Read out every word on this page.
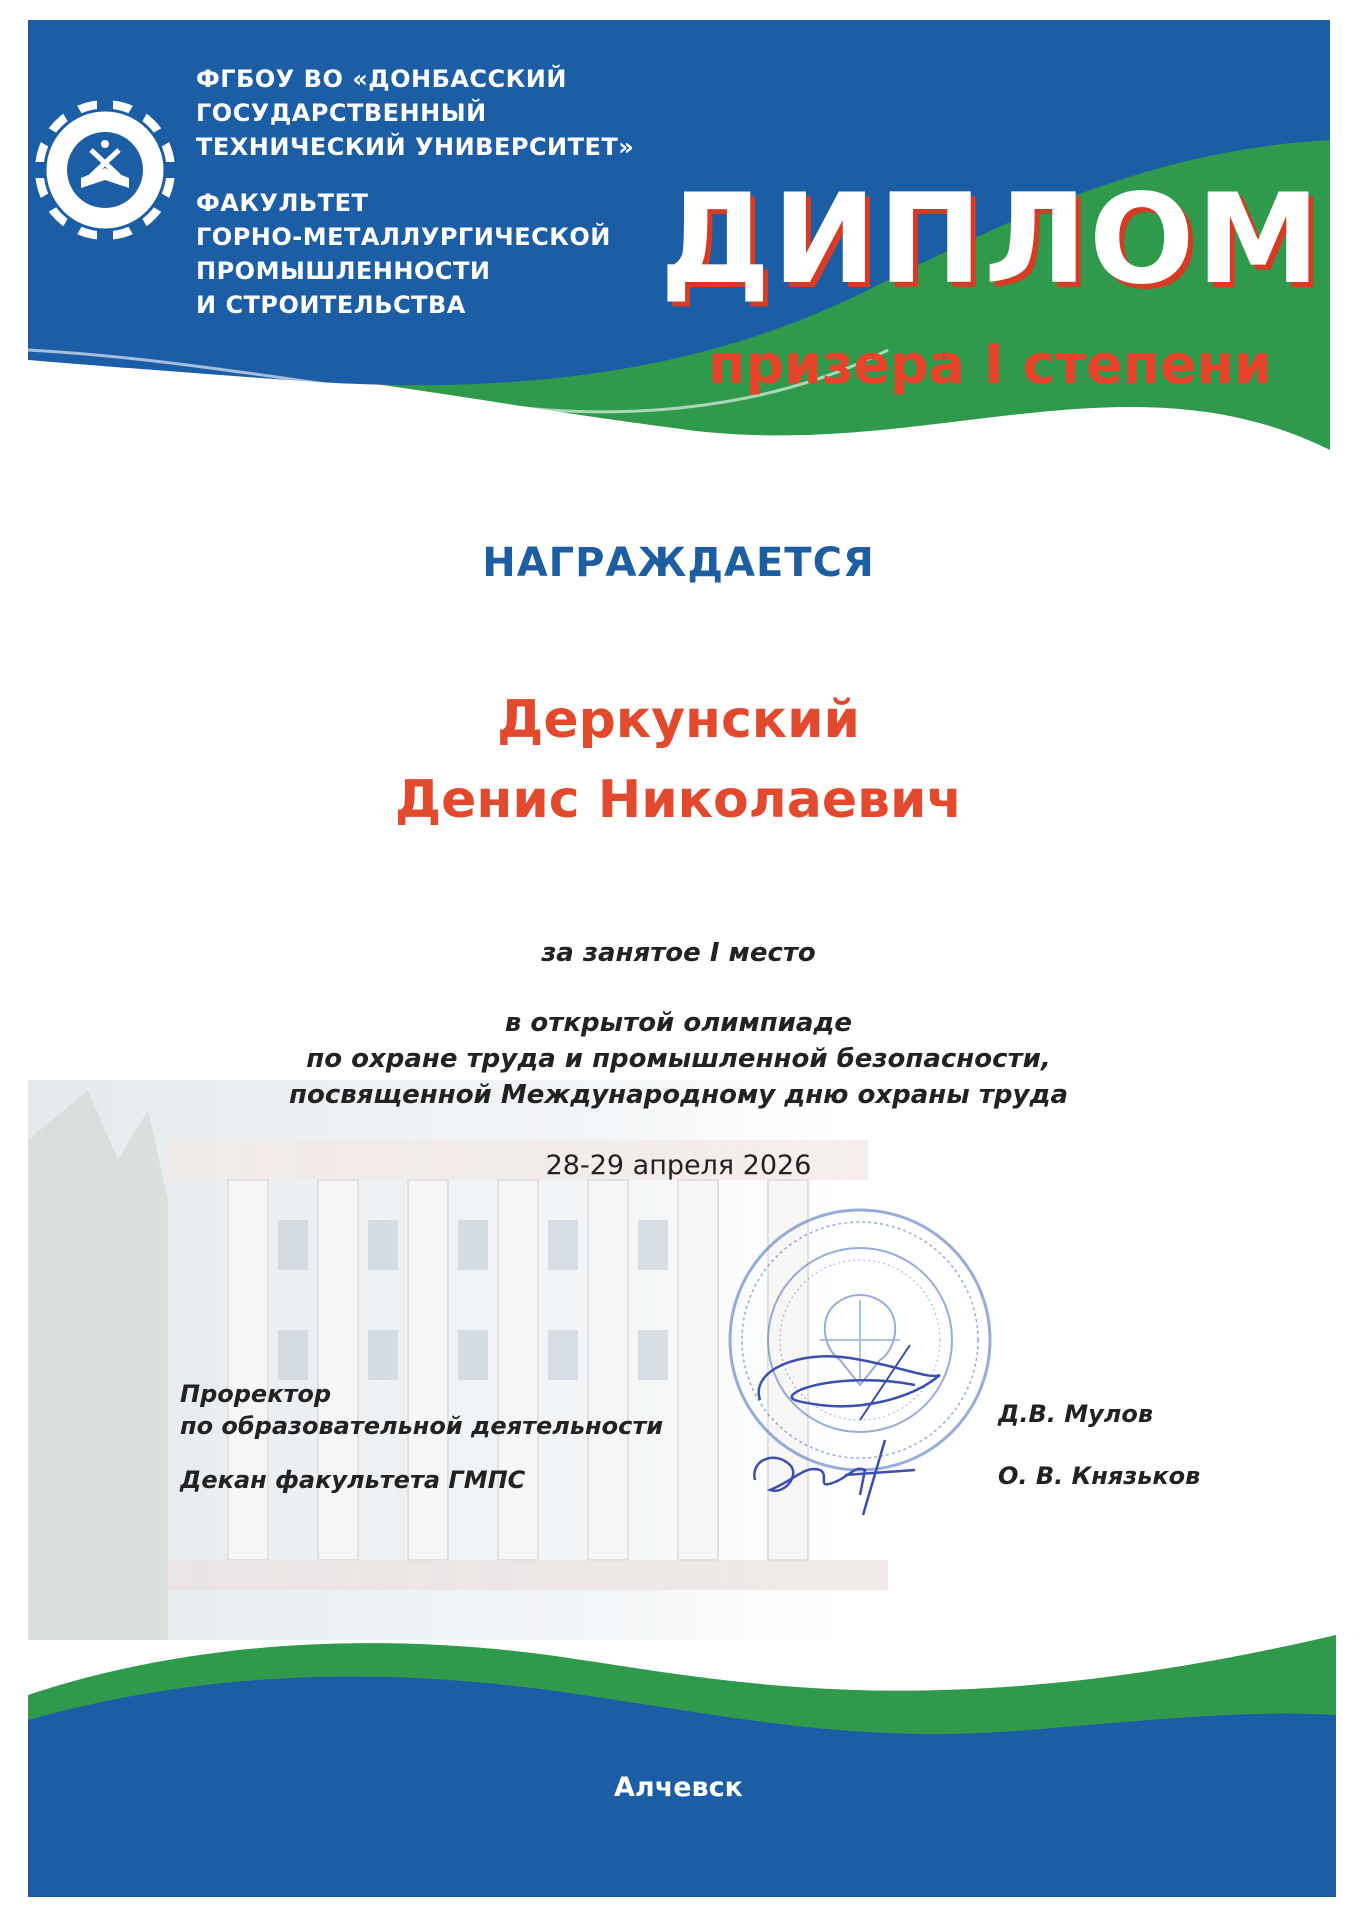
ФГБОУ ВО «ДОНБАССКИЙ
ГОСУДАРСТВЕННЫЙ
ТЕХНИЧЕСКИЙ УНИВЕРСИТЕТ»
ФАКУЛЬТЕТ
ГОРНО-МЕТАЛЛУРГИЧЕСКОЙ
ПРОМЫШЛЕННОСТИ
И СТРОИТЕЛЬСТВА	ДИПЛОМ
призера I степени
НАГРАЖДАЕТСЯ
Деркунский
Денис Николаевич
за занятое I место
в открытой олимпиаде
по охране труда и промышленной безопасности,
посвященной Международному дню охраны труда
28-29 апреля 2026
Проректор
по образовательной деятельности
Декан факультета ГМПС
Д.В. Мулов
О. В. Князьков
Алчевск
